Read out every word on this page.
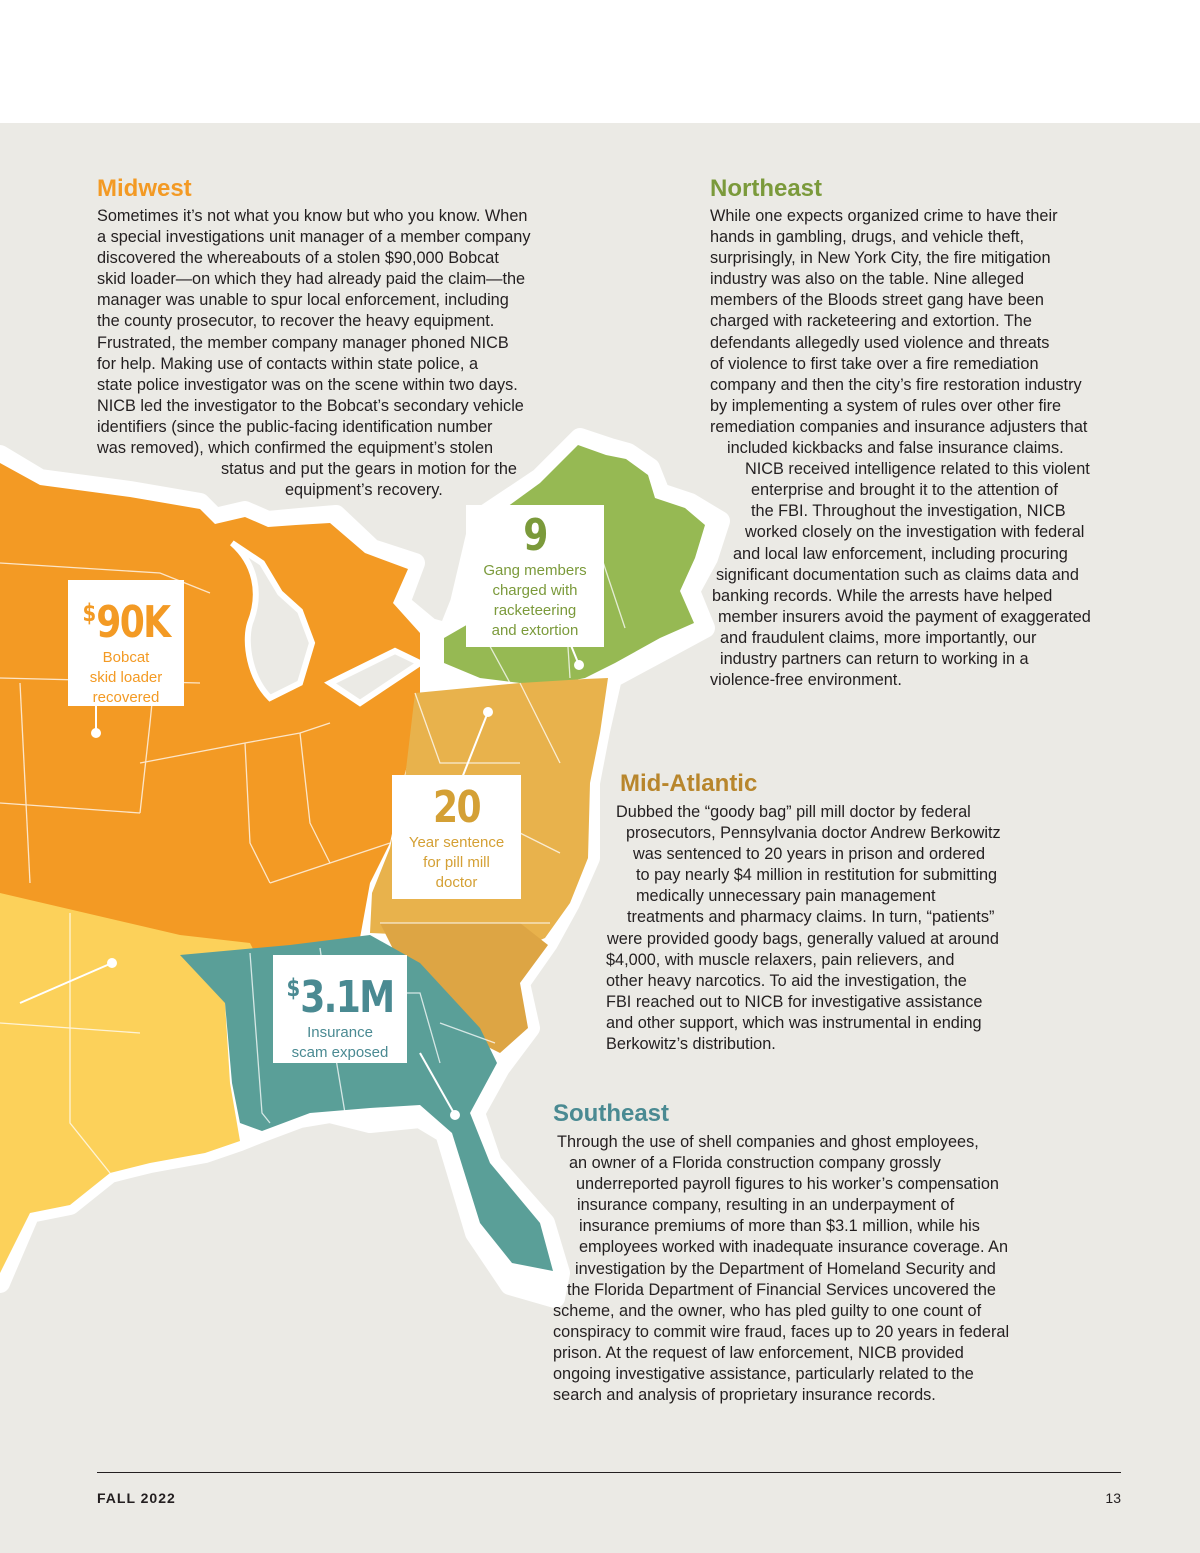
Midwest
Sometimes it’s not what you know but who you know. When
a special investigations unit manager of a member company
discovered the whereabouts of a stolen $90,000 Bobcat
skid loader—on which they had already paid the claim—the
manager was unable to spur local enforcement, including
the county prosecutor, to recover the heavy equipment.
Frustrated, the member company manager phoned NICB
for help. Making use of contacts within state police, a
state police investigator was on the scene within two days.
NICB led the investigator to the Bobcat’s secondary vehicle
identifiers (since the public-facing identification number
was removed), which confirmed the equipment’s stolen
status and put the gears in motion for the
equipment’s recovery.
Northeast
While one expects organized crime to have their
hands in gambling, drugs, and vehicle theft,
surprisingly, in New York City, the fire mitigation
industry was also on the table. Nine alleged
members of the Bloods street gang have been
charged with racketeering and extortion. The
defendants allegedly used violence and threats
of violence to first take over a fire remediation
company and then the city’s fire restoration industry
by implementing a system of rules over other fire
remediation companies and insurance adjusters that
included kickbacks and false insurance claims.
NICB received intelligence related to this violent
enterprise and brought it to the attention of
the FBI. Throughout the investigation, NICB
worked closely on the investigation with federal
and local law enforcement, including procuring
significant documentation such as claims data and
banking records. While the arrests have helped
member insurers avoid the payment of exaggerated
and fraudulent claims, more importantly, our
industry partners can return to working in a
violence-free environment.
Mid-Atlantic
Dubbed the “goody bag” pill mill doctor by federal
prosecutors, Pennsylvania doctor Andrew Berkowitz
was sentenced to 20 years in prison and ordered
to pay nearly $4 million in restitution for submitting
medically unnecessary pain management
treatments and pharmacy claims. In turn, “patients”
were provided goody bags, generally valued at around
$4,000, with muscle relaxers, pain relievers, and
other heavy narcotics. To aid the investigation, the
FBI reached out to NICB for investigative assistance
and other support, which was instrumental in ending
Berkowitz’s distribution.
Southeast
Through the use of shell companies and ghost employees,
an owner of a Florida construction company grossly
underreported payroll figures to his worker’s compensation
insurance company, resulting in an underpayment of
insurance premiums of more than $3.1 million, while his
employees worked with inadequate insurance coverage. An
investigation by the Department of Homeland Security and
the Florida Department of Financial Services uncovered the
scheme, and the owner, who has pled guilty to one count of
conspiracy to commit wire fraud, faces up to 20 years in federal
prison. At the request of law enforcement, NICB provided
ongoing investigative assistance, particularly related to the
search and analysis of proprietary insurance records.
$90K
Bobcat
skid loader
recovered
9
Gang members
charged with
racketeering
and extortion
20
Year sentence
for pill mill
doctor
$3.1M
Insurance
scam exposed
FALL 2022	13
